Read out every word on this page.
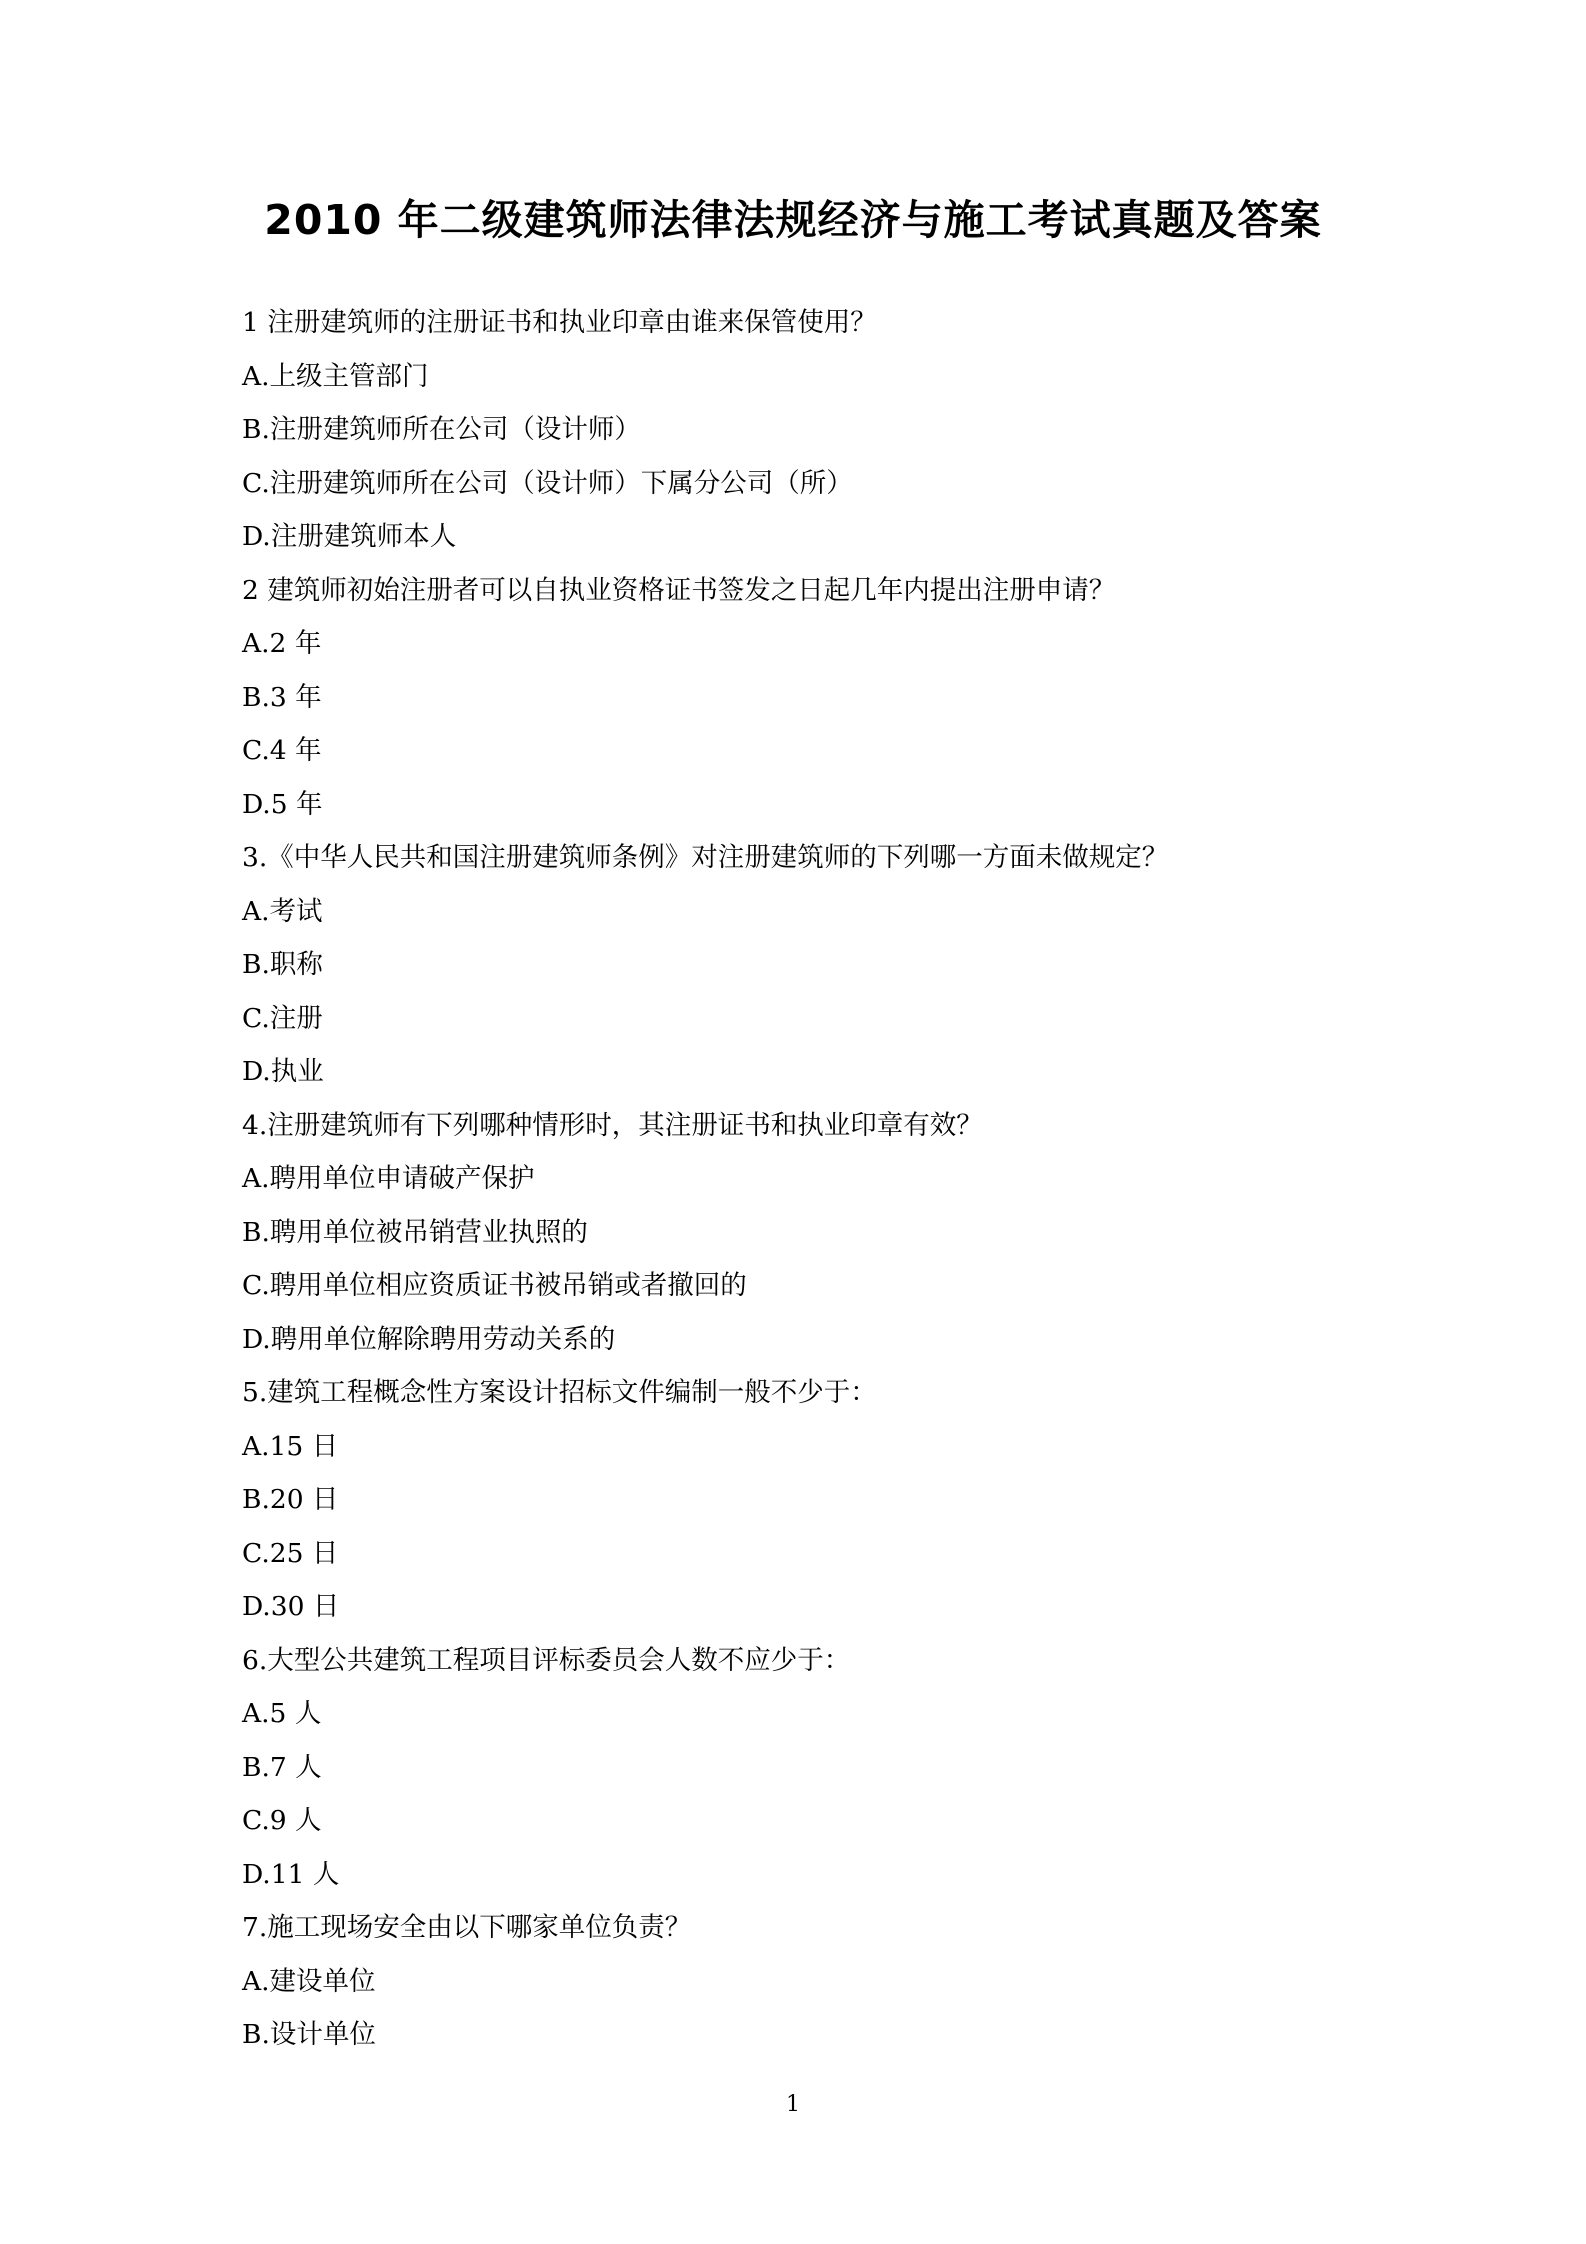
2010 年二级建筑师法律法规经济与施工考试真题及答案
1 注册建筑师的注册证书和执业印章由谁来保管使用？
A.上级主管部门
B.注册建筑师所在公司（设计师）
C.注册建筑师所在公司（设计师）下属分公司（所）
D.注册建筑师本人
2 建筑师初始注册者可以自执业资格证书签发之日起几年内提出注册申请？
A.2 年
B.3 年
C.4 年
D.5 年
3.《中华人民共和国注册建筑师条例》对注册建筑师的下列哪一方面未做规定？
A.考试
B.职称
C.注册
D.执业
4.注册建筑师有下列哪种情形时，其注册证书和执业印章有效？
A.聘用单位申请破产保护
B.聘用单位被吊销营业执照的
C.聘用单位相应资质证书被吊销或者撤回的
D.聘用单位解除聘用劳动关系的
5.建筑工程概念性方案设计招标文件编制一般不少于：
A.15 日
B.20 日
C.25 日
D.30 日
6.大型公共建筑工程项目评标委员会人数不应少于：
A.5 人
B.7 人
C.9 人
D.11 人
7.施工现场安全由以下哪家单位负责？
A.建设单位
B.设计单位
1
